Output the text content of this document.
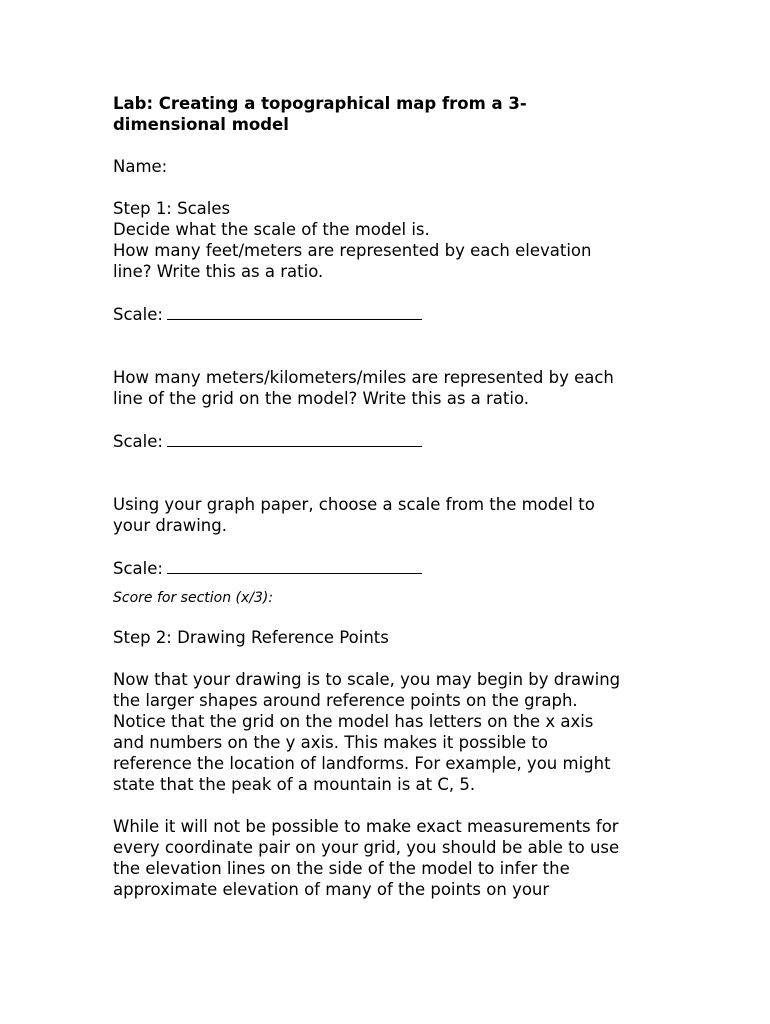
Lab: Creating a topographical map from a 3-dimensional model

Name:

Step 1: Scales

Decide what the scale of the model is.

How many feet/meters are represented by each elevation

line? Write this as a ratio.

Scale:

How many meters/kilometers/miles are represented by each

line of the grid on the model? Write this as a ratio.

Scale:

Using your graph paper, choose a scale from the model to

your drawing.

Scale:

Score for section (x/3):

Step 2: Drawing Reference Points

Now that your drawing is to scale, you may begin by drawing

the larger shapes around reference points on the graph.

Notice that the grid on the model has letters on the x axis

and numbers on the y axis. This makes it possible to

reference the location of landforms. For example, you might

state that the peak of a mountain is at C, 5.

While it will not be possible to make exact measurements for

every coordinate pair on your grid, you should be able to use

the elevation lines on the side of the model to infer the

approximate elevation of many of the points on your
